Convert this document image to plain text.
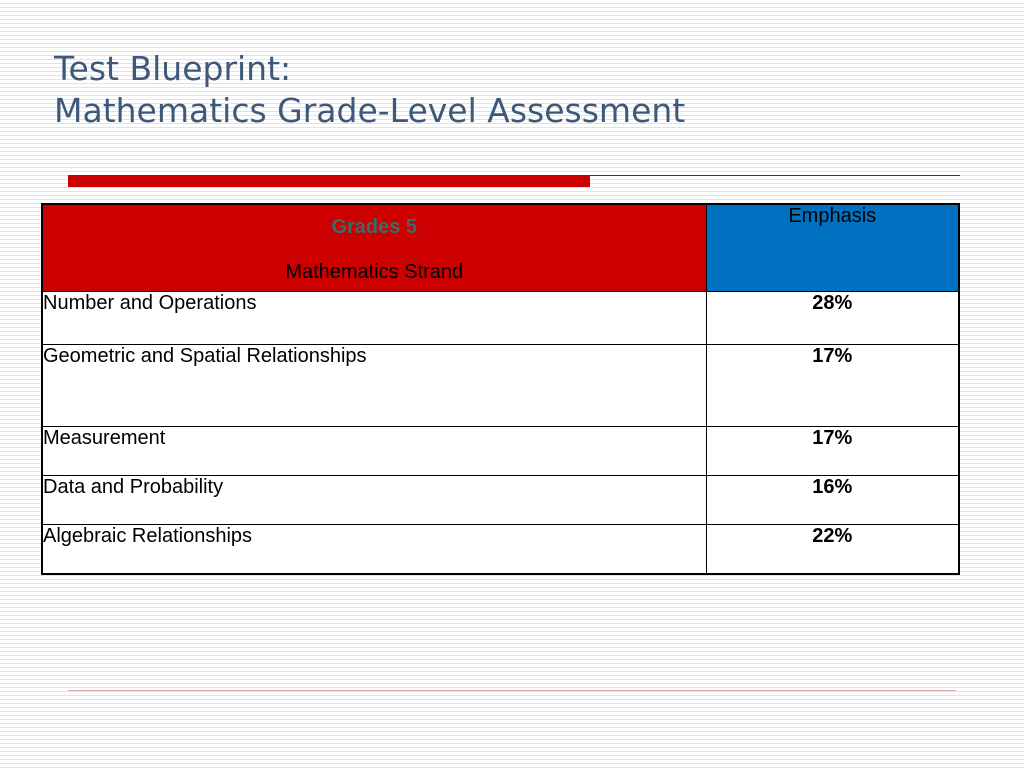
Test Blueprint:
Mathematics Grade-Level Assessment
Grades 5
Mathematics Strand	Emphasis
Number and Operations	28%
Geometric and Spatial Relationships	17%
Measurement	17%
Data and Probability	16%
Algebraic Relationships	22%
